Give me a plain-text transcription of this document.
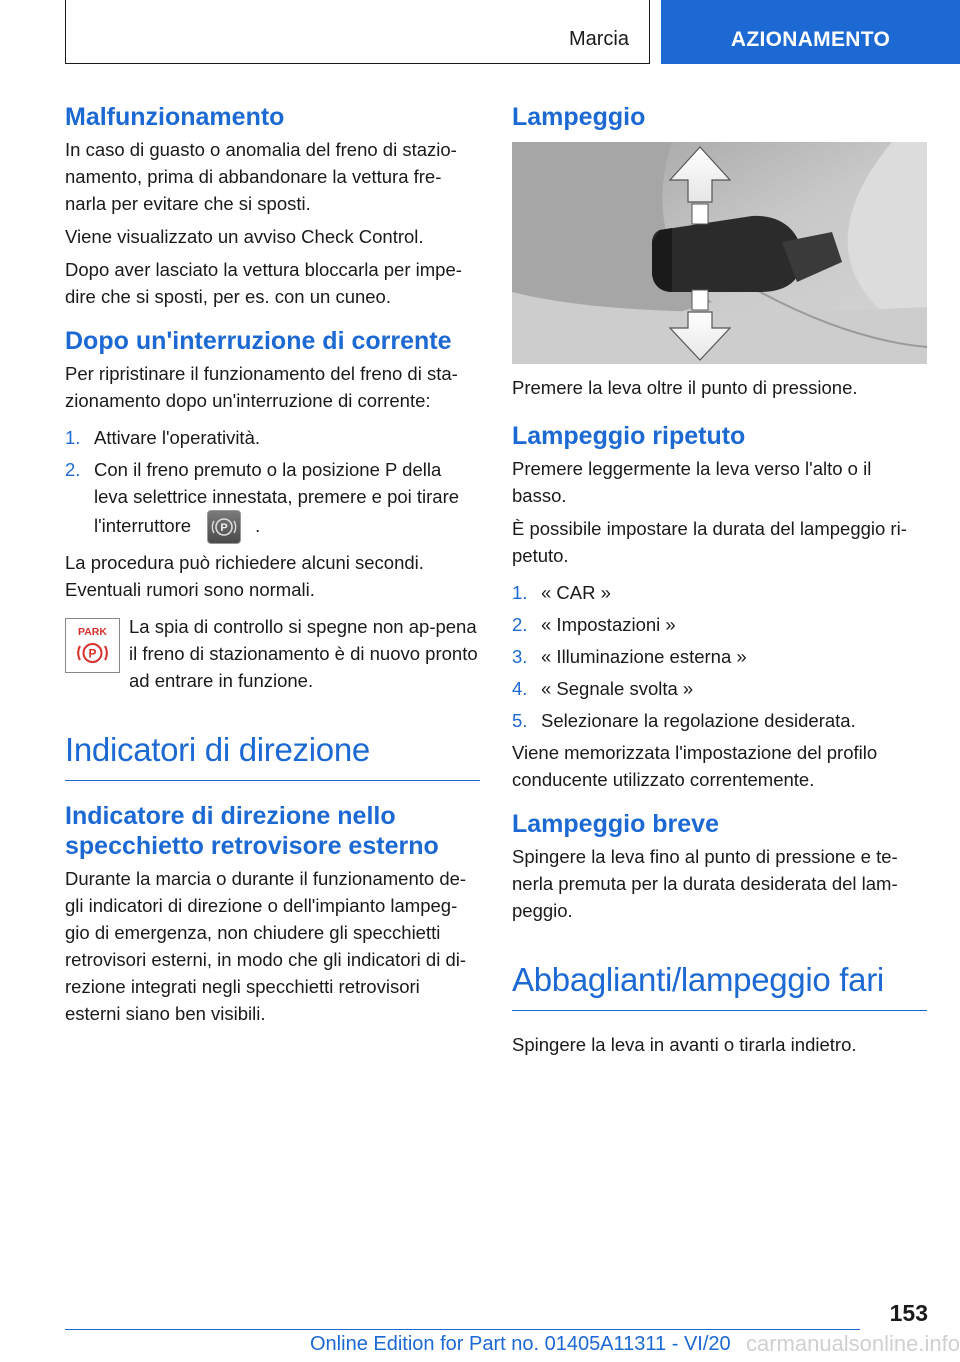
Marcia	AZIONAMENTO
Malfunzionamento

In caso di guasto o anomalia del freno di stazio-namento, prima di abbandonare la vettura fre-narla per evitare che si sposti.

Viene visualizzato un avviso Check Control.

Dopo aver lasciato la vettura bloccarla per impe-dire che si sposti, per es. con un cuneo.

Dopo un'interruzione di corrente

Per ripristinare il funzionamento del freno di sta-zionamento dopo un'interruzione di corrente:

1. Attivare l'operatività.
2. Con il freno premuto o la posizione P della leva selettrice innestata, premere e poi tirare l'interruttore	P .

La procedura può richiedere alcuni secondi. Eventuali rumori sono normali.

PARK
P

La spia di controllo si spegne non ap-pena il freno di stazionamento è di nuovo pronto ad entrare in funzione.

Indicatori di direzione
Indicatore di direzione nello specchietto retrovisore esterno

Durante la marcia o durante il funzionamento de-gli indicatori di direzione o dell'impianto lampeg-gio di emergenza, non chiudere gli specchietti retrovisori esterni, in modo che gli indicatori di di-rezione integrati negli specchietti retrovisori esterni siano ben visibili.

Lampeggio

Premere la leva oltre il punto di pressione.

Lampeggio ripetuto

Premere leggermente la leva verso l'alto o il basso.

È possibile impostare la durata del lampeggio ri-petuto.

1. « CAR »
2. « Impostazioni »
3. « Illuminazione esterna »
4. « Segnale svolta »
5. Selezionare la regolazione desiderata.

Viene memorizzata l'impostazione del profilo conducente utilizzato correntemente.

Lampeggio breve

Spingere la leva fino al punto di pressione e te-nerla premuta per la durata desiderata del lam-peggio.

Abbaglianti/lampeggio fari

Spingere la leva in avanti o tirarla indietro.

153
Online Edition for Part no. 01405A11311 - VI/20 carmanualsonline.info
